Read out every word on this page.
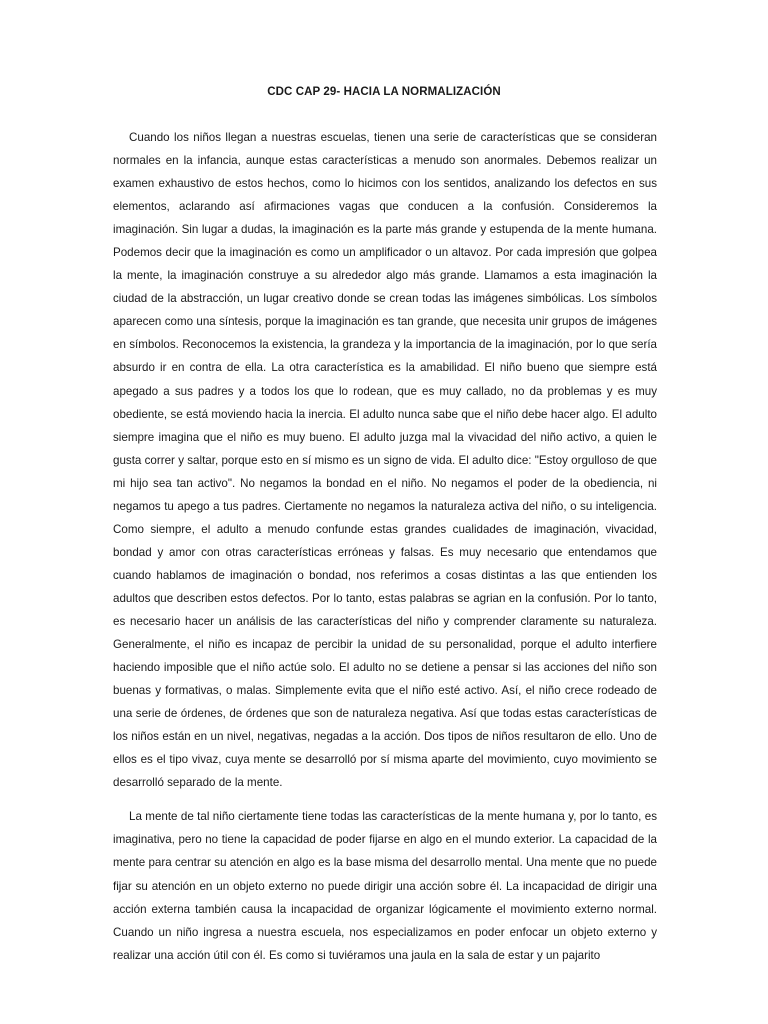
CDC CAP 29- HACIA LA NORMALIZACIÓN

Cuando los niños llegan a nuestras escuelas, tienen una serie de características que se consideran normales en la infancia, aunque estas características a menudo son anormales. Debemos realizar un examen exhaustivo de estos hechos, como lo hicimos con los sentidos, analizando los defectos en sus elementos, aclarando así afirmaciones vagas que conducen a la confusión. Consideremos la imaginación. Sin lugar a dudas, la imaginación es la parte más grande y estupenda de la mente humana. Podemos decir que la imaginación es como un amplificador o un altavoz. Por cada impresión que golpea la mente, la imaginación construye a su alrededor algo más grande. Llamamos a esta imaginación la ciudad de la abstracción, un lugar creativo donde se crean todas las imágenes simbólicas. Los símbolos aparecen como una síntesis, porque la imaginación es tan grande, que necesita unir grupos de imágenes en símbolos. Reconocemos la existencia, la grandeza y la importancia de la imaginación, por lo que sería absurdo ir en contra de ella. La otra característica es la amabilidad. El niño bueno que siempre está apegado a sus padres y a todos los que lo rodean, que es muy callado, no da problemas y es muy obediente, se está moviendo hacia la inercia. El adulto nunca sabe que el niño debe hacer algo. El adulto siempre imagina que el niño es muy bueno. El adulto juzga mal la vivacidad del niño activo, a quien le gusta correr y saltar, porque esto en sí mismo es un signo de vida. El adulto dice: "Estoy orgulloso de que mi hijo sea tan activo". No negamos la bondad en el niño. No negamos el poder de la obediencia, ni negamos tu apego a tus padres. Ciertamente no negamos la naturaleza activa del niño, o su inteligencia. Como siempre, el adulto a menudo confunde estas grandes cualidades de imaginación, vivacidad, bondad y amor con otras características erróneas y falsas. Es muy necesario que entendamos que cuando hablamos de imaginación o bondad, nos referimos a cosas distintas a las que entienden los adultos que describen estos defectos. Por lo tanto, estas palabras se agrian en la confusión. Por lo tanto, es necesario hacer un análisis de las características del niño y comprender claramente su naturaleza. Generalmente, el niño es incapaz de percibir la unidad de su personalidad, porque el adulto interfiere haciendo imposible que el niño actúe solo. El adulto no se detiene a pensar si las acciones del niño son buenas y formativas, o malas. Simplemente evita que el niño esté activo. Así, el niño crece rodeado de una serie de órdenes, de órdenes que son de naturaleza negativa. Así que todas estas características de los niños están en un nivel, negativas, negadas a la acción. Dos tipos de niños resultaron de ello. Uno de ellos es el tipo vivaz, cuya mente se desarrolló por sí misma aparte del movimiento, cuyo movimiento se desarrolló separado de la mente.

La mente de tal niño ciertamente tiene todas las características de la mente humana y, por lo tanto, es imaginativa, pero no tiene la capacidad de poder fijarse en algo en el mundo exterior. La capacidad de la mente para centrar su atención en algo es la base misma del desarrollo mental. Una mente que no puede fijar su atención en un objeto externo no puede dirigir una acción sobre él. La incapacidad de dirigir una acción externa también causa la incapacidad de organizar lógicamente el movimiento externo normal. Cuando un niño ingresa a nuestra escuela, nos especializamos en poder enfocar un objeto externo y realizar una acción útil con él. Es como si tuviéramos una jaula en la sala de estar y un pajarito
